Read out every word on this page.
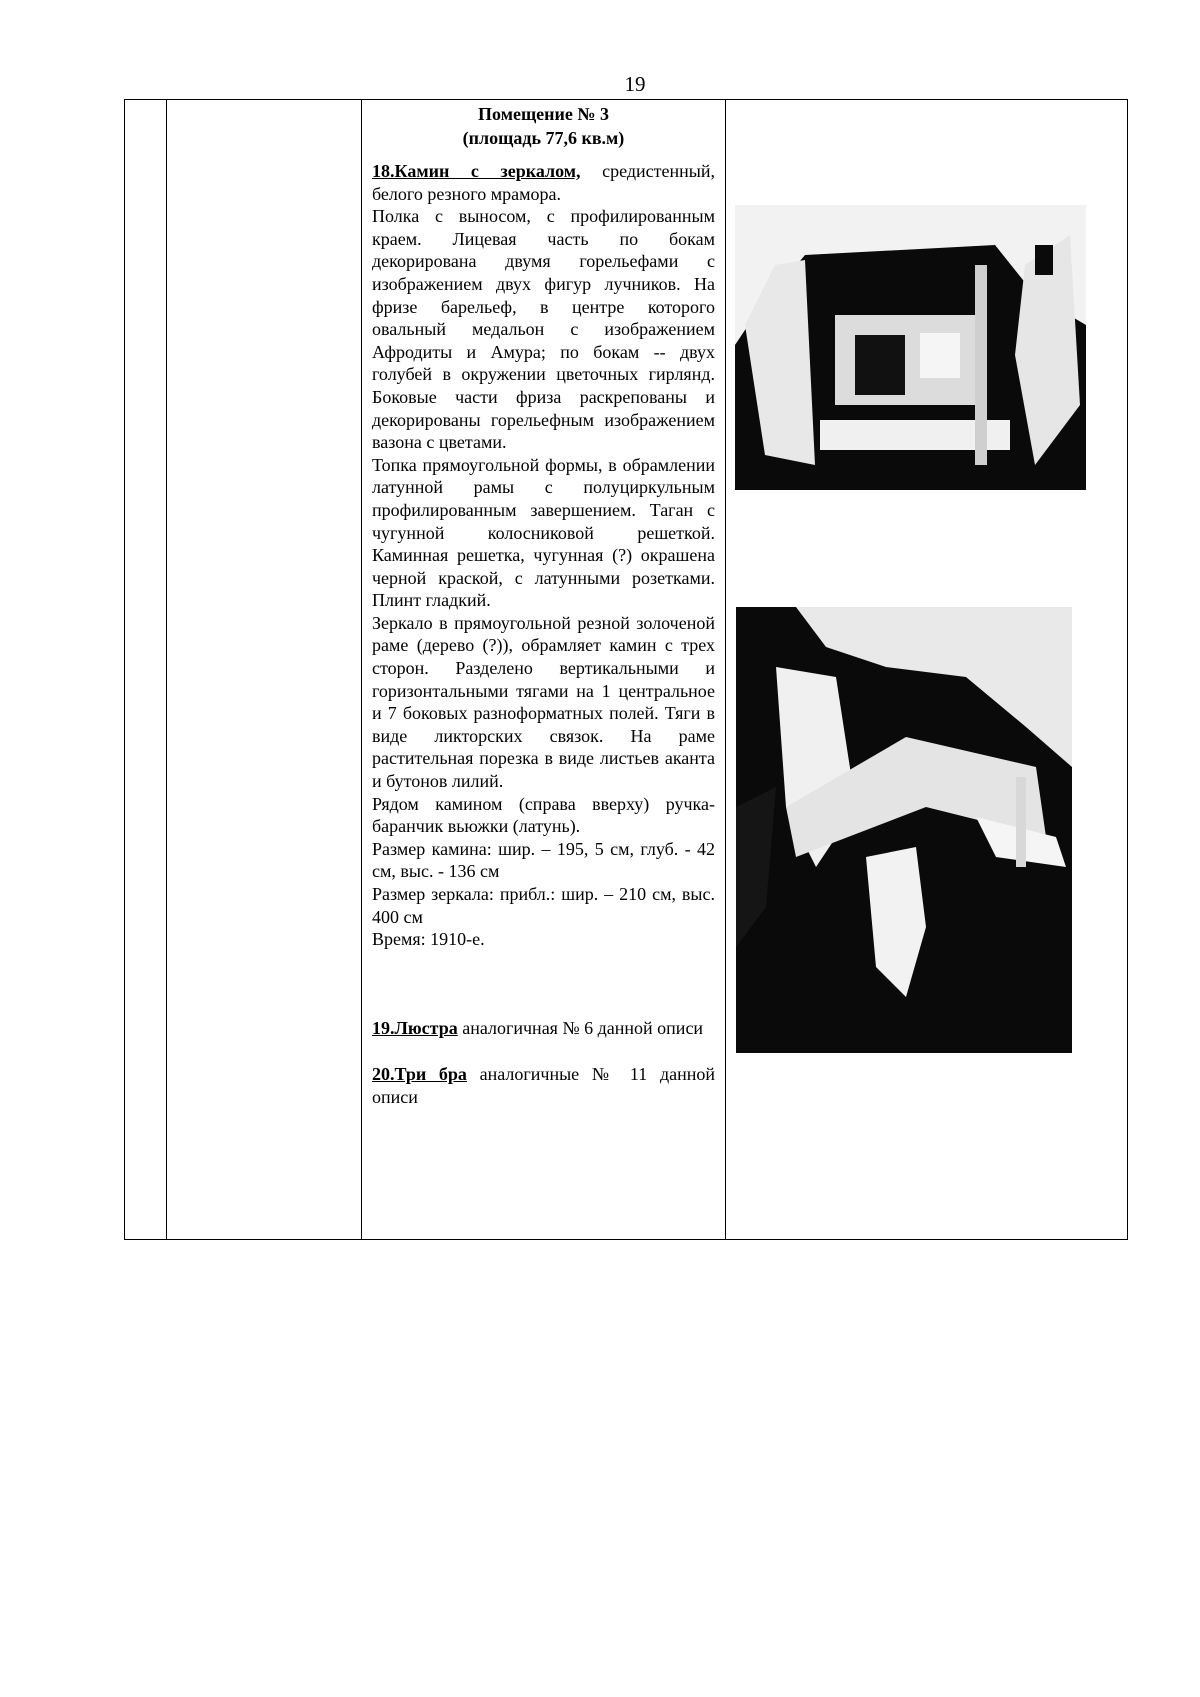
19

Помещение № 3
(площадь 77,6 кв.м)

18.Камин с зеркалом, средистенный, белого резного мрамора.

Полка с выносом, с профилированным краем. Лицевая часть по бокам декорирована двумя горельефами с изображением двух фигур лучников. На фризе барельеф, в центре которого овальный медальон с изображением Афродиты и Амура; по бокам -- двух голубей в окружении цветочных гирлянд. Боковые части фриза раскрепованы и декорированы горельефным изображением вазона с цветами.

Топка прямоугольной формы, в обрамлении латунной рамы с полуциркульным профилированным завершением. Таган с чугунной колосниковой решеткой. Каминная решетка, чугунная (?) окрашена черной краской, с латунными розетками. Плинт гладкий.

Зеркало в прямоугольной резной золоченой раме (дерево (?)), обрамляет камин с трех сторон. Разделено вертикальными и горизонтальными тягами на 1 центральное и 7 боковых разноформатных полей. Тяги в виде ликторских связок. На раме растительная порезка в виде листьев аканта и бутонов лилий.

Рядом камином (справа вверху) ручка-баранчик вьюжки (латунь).

Размер камина: шир. – 195, 5 см, глуб. - 42 см, выс. - 136 см

Размер зеркала: прибл.: шир. – 210 см, выс. 400 см

Время: 1910-е.

19.Люстра аналогичная № 6 данной описи

20.Три бра аналогичные № 11 данной описи
